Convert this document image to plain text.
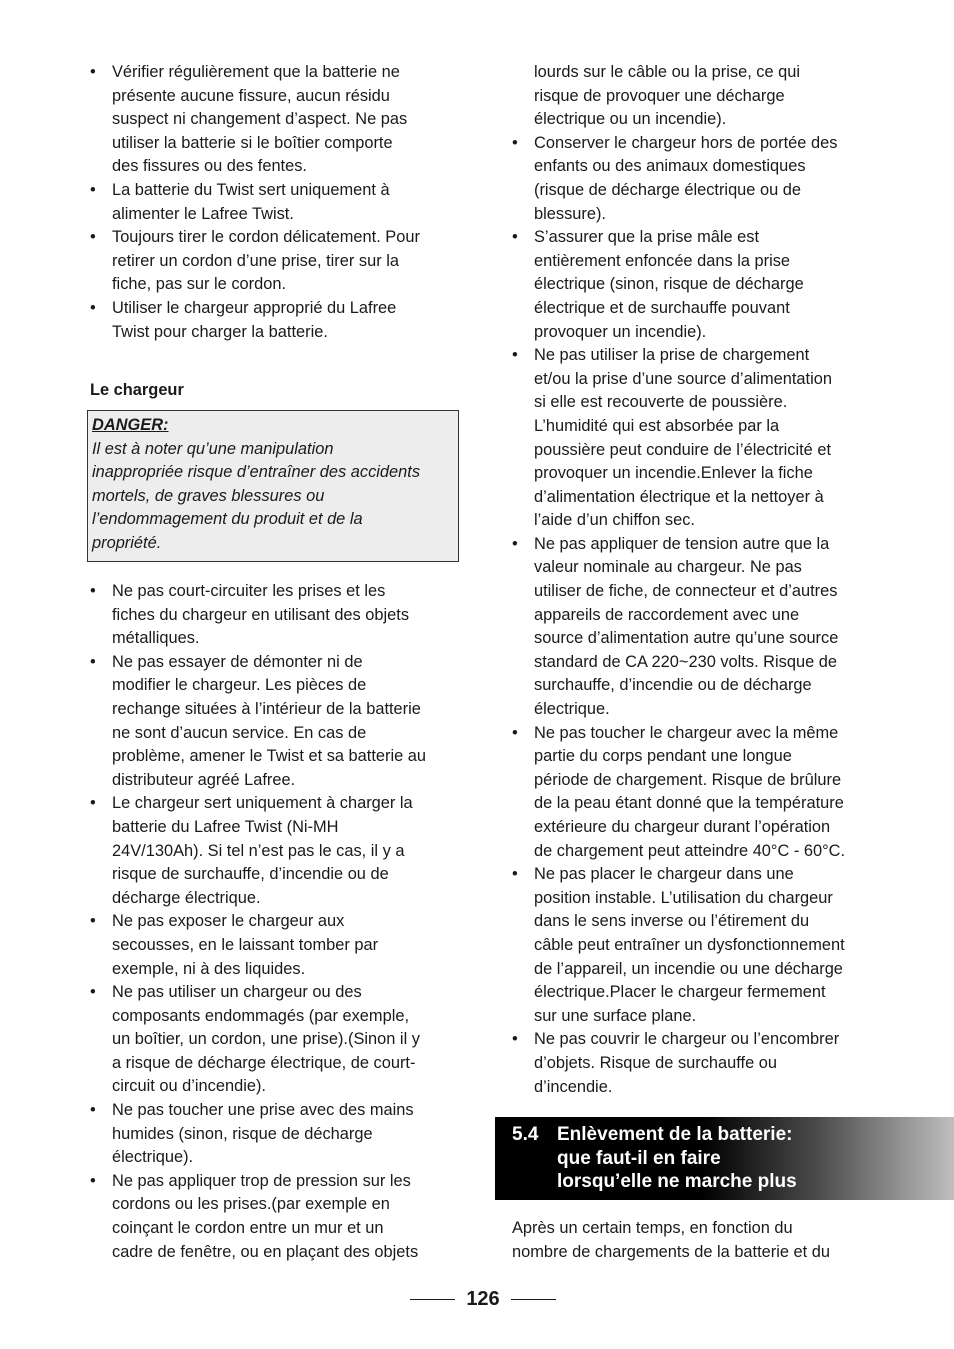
• Vérifier régulièrement que la batterie ne
présente aucune fissure, aucun résidu
suspect ni changement d’aspect. Ne pas
utiliser la batterie si le boîtier comporte
des fissures ou des fentes.
• La batterie du Twist sert uniquement à
alimenter le Lafree Twist.
• Toujours tirer le cordon délicatement. Pour
retirer un cordon d’une prise, tirer sur la
fiche, pas sur le cordon.
• Utiliser le chargeur approprié du Lafree
Twist pour charger la batterie.
Le chargeur
DANGER:
Il est à noter qu’une manipulation
inappropriée risque d’entraîner des accidents
mortels, de graves blessures ou
l’endommagement du produit et de la
propriété.
• Ne pas court-circuiter les prises et les
fiches du chargeur en utilisant des objets
métalliques.
• Ne pas essayer de démonter ni de
modifier le chargeur. Les pièces de
rechange situées à l’intérieur de la batterie
ne sont d’aucun service. En cas de
problème, amener le Twist et sa batterie au
distributeur agréé Lafree.
• Le chargeur sert uniquement à charger la
batterie du Lafree Twist (Ni-MH
24V/130Ah). Si tel n’est pas le cas, il y a
risque de surchauffe, d’incendie ou de
décharge électrique.
• Ne pas exposer le chargeur aux
secousses, en le laissant tomber par
exemple, ni à des liquides.
• Ne pas utiliser un chargeur ou des
composants endommagés (par exemple,
un boîtier, un cordon, une prise).(Sinon il y
a risque de décharge électrique, de court-
circuit ou d’incendie).
• Ne pas toucher une prise avec des mains
humides (sinon, risque de décharge
électrique).
• Ne pas appliquer trop de pression sur les
cordons ou les prises.(par exemple en
coinçant le cordon entre un mur et un
cadre de fenêtre, ou en plaçant des objets
lourds sur le câble ou la prise, ce qui
risque de provoquer une décharge
électrique ou un incendie).
• Conserver le chargeur hors de portée des
enfants ou des animaux domestiques
(risque de décharge électrique ou de
blessure).
• S’assurer que la prise mâle est
entièrement enfoncée dans la prise
électrique (sinon, risque de décharge
électrique et de surchauffe pouvant
provoquer un incendie).
• Ne pas utiliser la prise de chargement
et/ou la prise d’une source d’alimentation
si elle est recouverte de poussière.
L’humidité qui est absorbée par la
poussière peut conduire de l’électricité et
provoquer un incendie.Enlever la fiche
d’alimentation électrique et la nettoyer à
l’aide d’un chiffon sec.
• Ne pas appliquer de tension autre que la
valeur nominale au chargeur. Ne pas
utiliser de fiche, de connecteur et d’autres
appareils de raccordement avec une
source d’alimentation autre qu’une source
standard de CA 220~230 volts. Risque de
surchauffe, d’incendie ou de décharge
électrique.
• Ne pas toucher le chargeur avec la même
partie du corps pendant une longue
période de chargement. Risque de brûlure
de la peau étant donné que la température
extérieure du chargeur durant l’opération
de chargement peut atteindre 40°C - 60°C.
• Ne pas placer le chargeur dans une
position instable. L’utilisation du chargeur
dans le sens inverse ou l’étirement du
câble peut entraîner un dysfonctionnement
de l’appareil, un incendie ou une décharge
électrique.Placer le chargeur fermement
sur une surface plane.
• Ne pas couvrir le chargeur ou l’encombrer
d’objets. Risque de surchauffe ou
d’incendie.
5.4 Enlèvement de la batterie:
que faut-il en faire
lorsqu’elle ne marche plus
Après un certain temps, en fonction du
nombre de chargements de la batterie et du
126
